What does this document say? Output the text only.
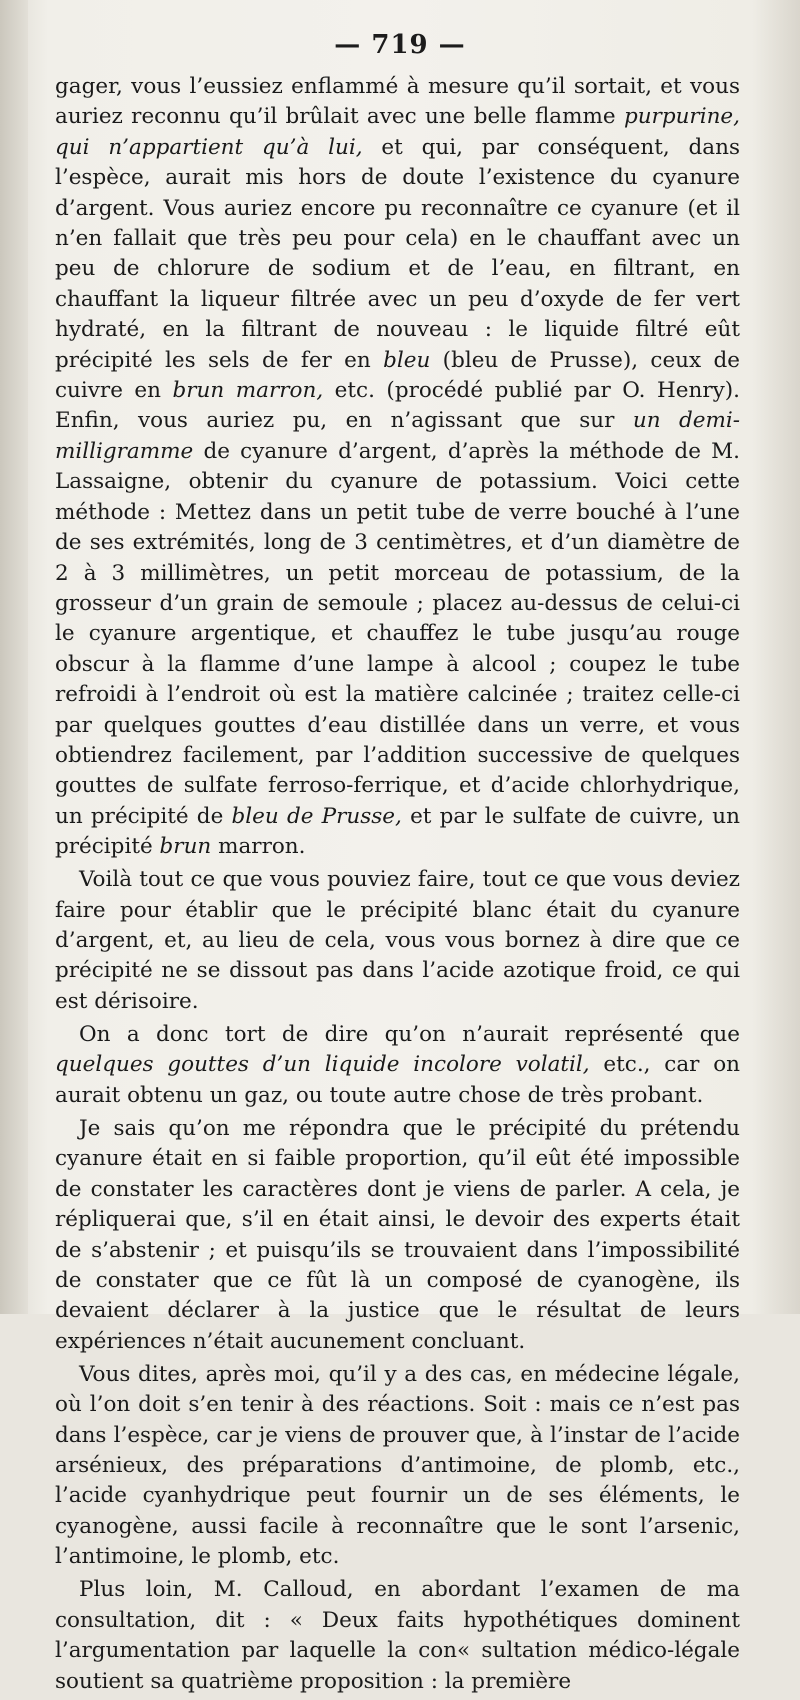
— 719 —

gager, vous l’eussiez enflammé à mesure qu’il sortait, et vous auriez reconnu qu’il brûlait avec une belle flamme purpurine, qui n’appartient qu’à lui, et qui, par conséquent, dans l’espèce, aurait mis hors de doute l’existence du cyanure d’argent. Vous auriez encore pu reconnaître ce cyanure (et il n’en fallait que très peu pour cela) en le chauffant avec un peu de chlorure de sodium et de l’eau, en filtrant, en chauffant la liqueur filtrée avec un peu d’oxyde de fer vert hydraté, en la filtrant de nouveau : le liquide filtré eût précipité les sels de fer en bleu (bleu de Prusse), ceux de cuivre en brun marron, etc. (procédé publié par O. Henry). Enfin, vous auriez pu, en n’agissant que sur un demi-milligramme de cyanure d’argent, d’après la méthode de M. Lassaigne, obtenir du cyanure de potassium. Voici cette méthode : Mettez dans un petit tube de verre bouché à l’une de ses extrémités, long de 3 centimètres, et d’un diamètre de 2 à 3 millimètres, un petit morceau de potassium, de la grosseur d’un grain de semoule ; placez au-dessus de celui-ci le cyanure argentique, et chauffez le tube jusqu’au rouge obscur à la flamme d’une lampe à alcool ; coupez le tube refroidi à l’endroit où est la matière calcinée ; traitez celle-ci par quelques gouttes d’eau distillée dans un verre, et vous obtiendrez facilement, par l’addition successive de quelques gouttes de sulfate ferroso-ferrique, et d’acide chlorhydrique, un précipité de bleu de Prusse, et par le sulfate de cuivre, un précipité brun marron.

Voilà tout ce que vous pouviez faire, tout ce que vous deviez faire pour établir que le précipité blanc était du cyanure d’argent, et, au lieu de cela, vous vous bornez à dire que ce précipité ne se dissout pas dans l’acide azotique froid, ce qui est dérisoire.

On a donc tort de dire qu’on n’aurait représenté que quelques gouttes d’un liquide incolore volatil, etc., car on aurait obtenu un gaz, ou toute autre chose de très probant.

Je sais qu’on me répondra que le précipité du prétendu cyanure était en si faible proportion, qu’il eût été impossible de constater les caractères dont je viens de parler. A cela, je répliquerai que, s’il en était ainsi, le devoir des experts était de s’abstenir ; et puisqu’ils se trouvaient dans l’impossibilité de constater que ce fût là un composé de cyanogène, ils devaient déclarer à la justice que le résultat de leurs expériences n’était aucunement concluant.

Vous dites, après moi, qu’il y a des cas, en médecine légale, où l’on doit s’en tenir à des réactions. Soit : mais ce n’est pas dans l’espèce, car je viens de prouver que, à l’instar de l’acide arsénieux, des préparations d’antimoine, de plomb, etc., l’acide cyanhydrique peut fournir un de ses éléments, le cyanogène, aussi facile à reconnaître que le sont l’arsenic, l’antimoine, le plomb, etc.

Plus loin, M. Calloud, en abordant l’examen de ma consultation, dit : « Deux faits hypothétiques dominent l’argumentation par laquelle la con« sultation médico-légale soutient sa quatrième proposition : la première
